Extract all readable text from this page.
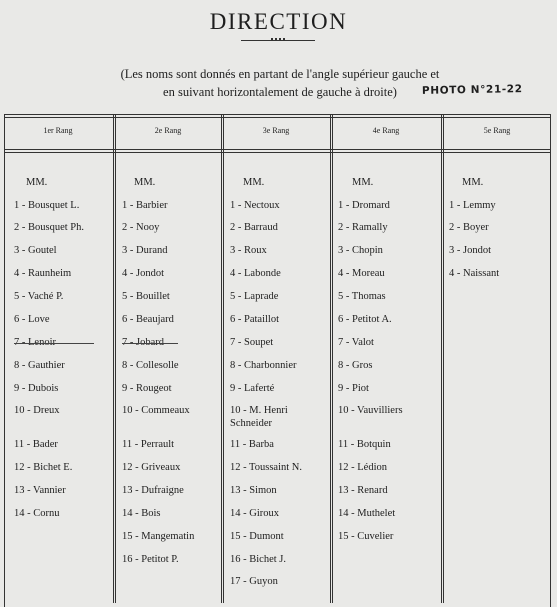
DIRECTION
(Les noms sont donnés en partant de l'angle supérieur gauche et
en suivant horizontalement de gauche à droite)	PHOTO N°21-22
1er Rang
MM.
1 - Bousquet L.
2 - Bousquet Ph.
3 - Goutel
4 - Raunheim
5 - Vaché P.
6 - Love
7 - Lenoir
8 - Gauthier
9 - Dubois
10 - Dreux
11 - Bader
12 - Bichet E.
13 - Vannier
14 - Cornu
2e Rang
MM.
1 - Barbier
2 - Nooy
3 - Durand
4 - Jondot
5 - Bouillet
6 - Beaujard
7 - Jobard
8 - Collesolle
9 - Rougeot
10 - Commeaux
11 - Perrault
12 - Griveaux
13 - Dufraigne
14 - Bois
15 - Mangematin
16 - Petitot P.
3e Rang
MM.
1 - Nectoux
2 - Barraud
3 - Roux
4 - Labonde
5 - Laprade
6 - Pataillot
7 - Soupet
8 - Charbonnier
9 - Laferté
10 - M. Henri
Schneider
11 - Barba
12 - Toussaint N.
13 - Simon
14 - Giroux
15 - Dumont
16 - Bichet J.
17 - Guyon
4e Rang
MM.
1 - Dromard
2 - Ramally
3 - Chopin
4 - Moreau
5 - Thomas
6 - Petitot A.
7 - Valot
8 - Gros
9 - Piot
10 - Vauvilliers
11 - Botquin
12 - Lédion
13 - Renard
14 - Muthelet
15 - Cuvelier
5e Rang
MM.
1 - Lemmy
2 - Boyer
3 - Jondot
4 - Naissant
